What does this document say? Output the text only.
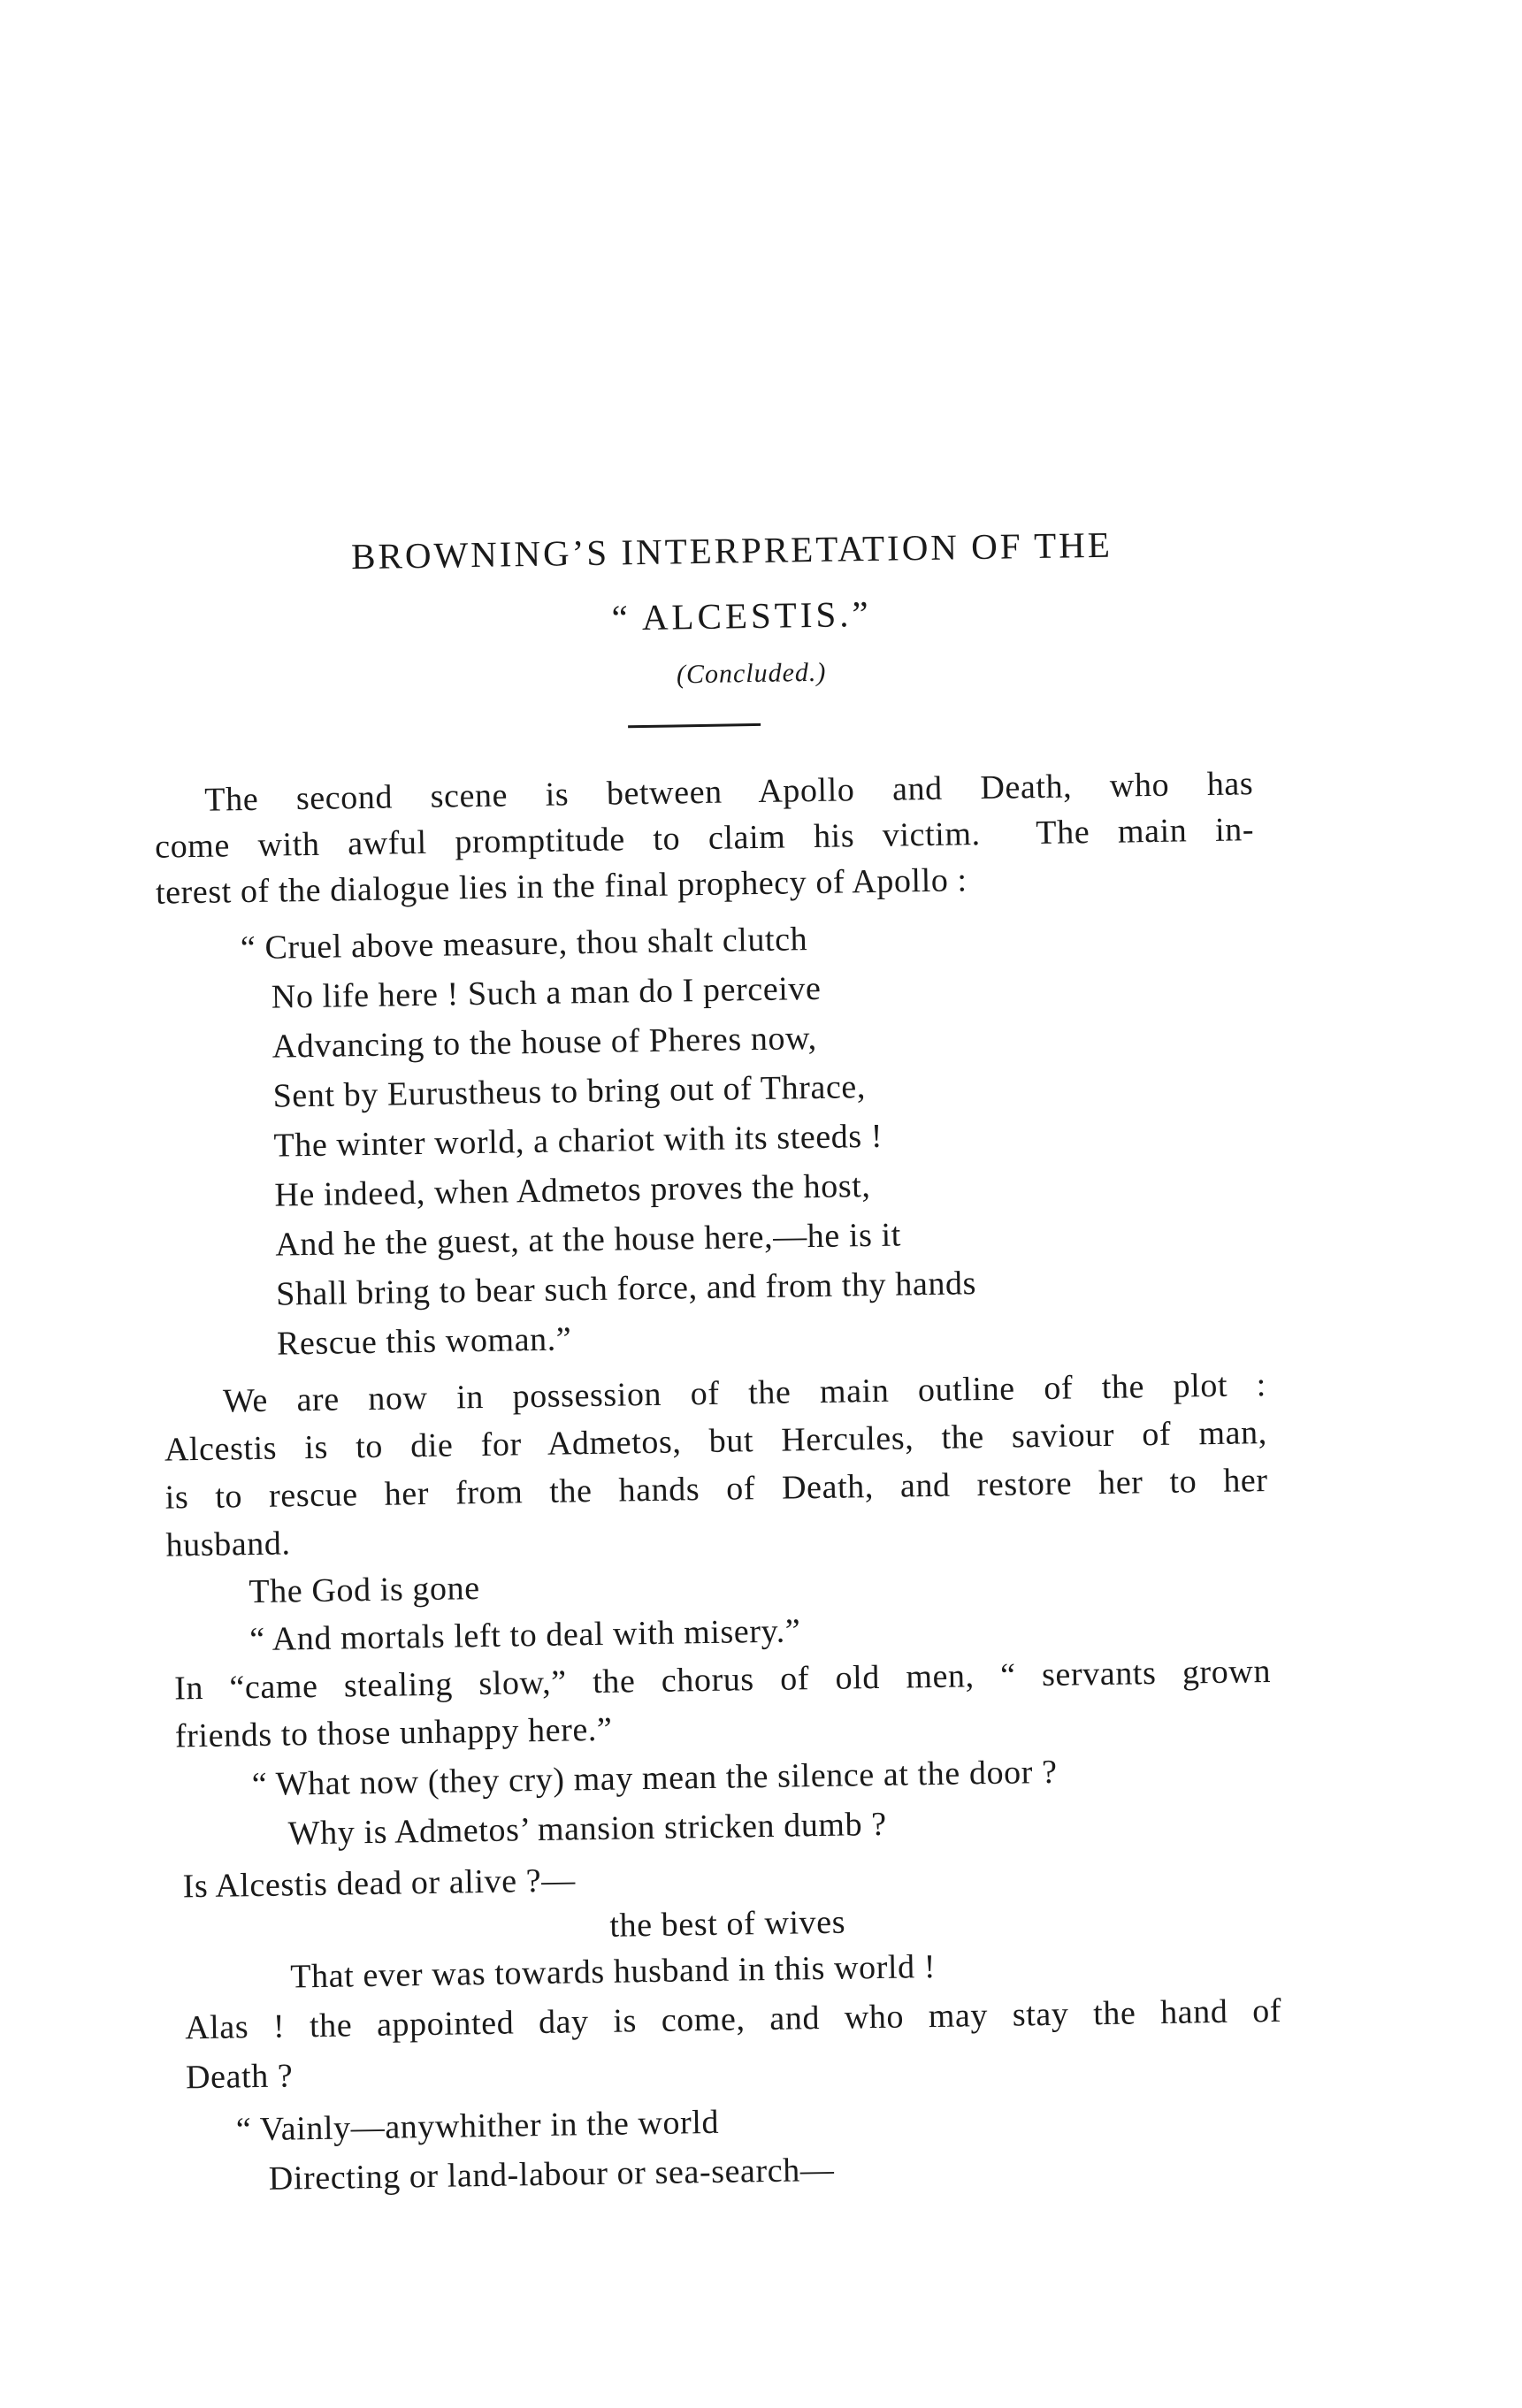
BROWNING’S INTERPRETATION OF THE
“ ALCESTIS.”
(Concluded.)
The second scene is between Apollo and Death, who has
come with awful promptitude to claim his victim.  The main in-
terest of the dialogue lies in the final prophecy of Apollo :
“ Cruel above measure, thou shalt clutch
No life here ! Such a man do I perceive
Advancing to the house of Pheres now,
Sent by Eurustheus to bring out of Thrace,
The winter world, a chariot with its steeds !
He indeed, when Admetos proves the host,
And he the guest, at the house here,—he is it
Shall bring to bear such force, and from thy hands
Rescue this woman.”
We are now in possession of the main outline of the plot :
Alcestis is to die for Admetos, but Hercules, the saviour of man,
is to rescue her from the hands of Death, and restore her to her
husband.
The God is gone
“ And mortals left to deal with misery.”
In “came stealing slow,” the chorus of old men, “ servants grown
friends to those unhappy here.”
“ What now (they cry) may mean the silence at the door ?
Why is Admetos’ mansion stricken dumb ?
Is Alcestis dead or alive ?—
the best of wives
That ever was towards husband in this world !
Alas ! the appointed day is come, and who may stay the hand of
Death ?
“ Vainly—anywhither in the world
Directing or land-labour or sea-search—
